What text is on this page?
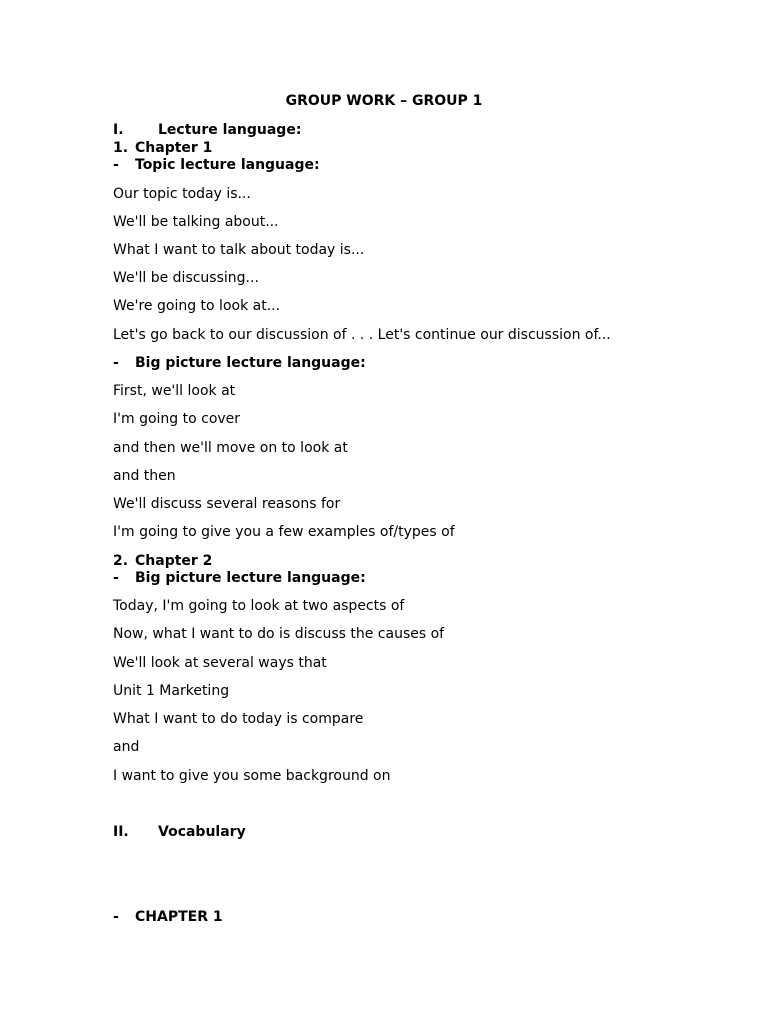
GROUP WORK – GROUP 1
I. Lecture language:
1. Chapter 1
- Topic lecture language:
Our topic today is...
We'll be talking about...
What I want to talk about today is...
We'll be discussing...
We're going to look at...
Let's go back to our discussion of . . . Let's continue our discussion of...
- Big picture lecture language:
First, we'll look at
I'm going to cover
and then we'll move on to look at
and then
We'll discuss several reasons for
I'm going to give you a few examples of/types of
2. Chapter 2
- Big picture lecture language:
Today, I'm going to look at two aspects of
Now, what I want to do is discuss the causes of
We'll look at several ways that
Unit 1 Marketing
What I want to do today is compare
and
I want to give you some background on
II. Vocabulary
- CHAPTER 1
